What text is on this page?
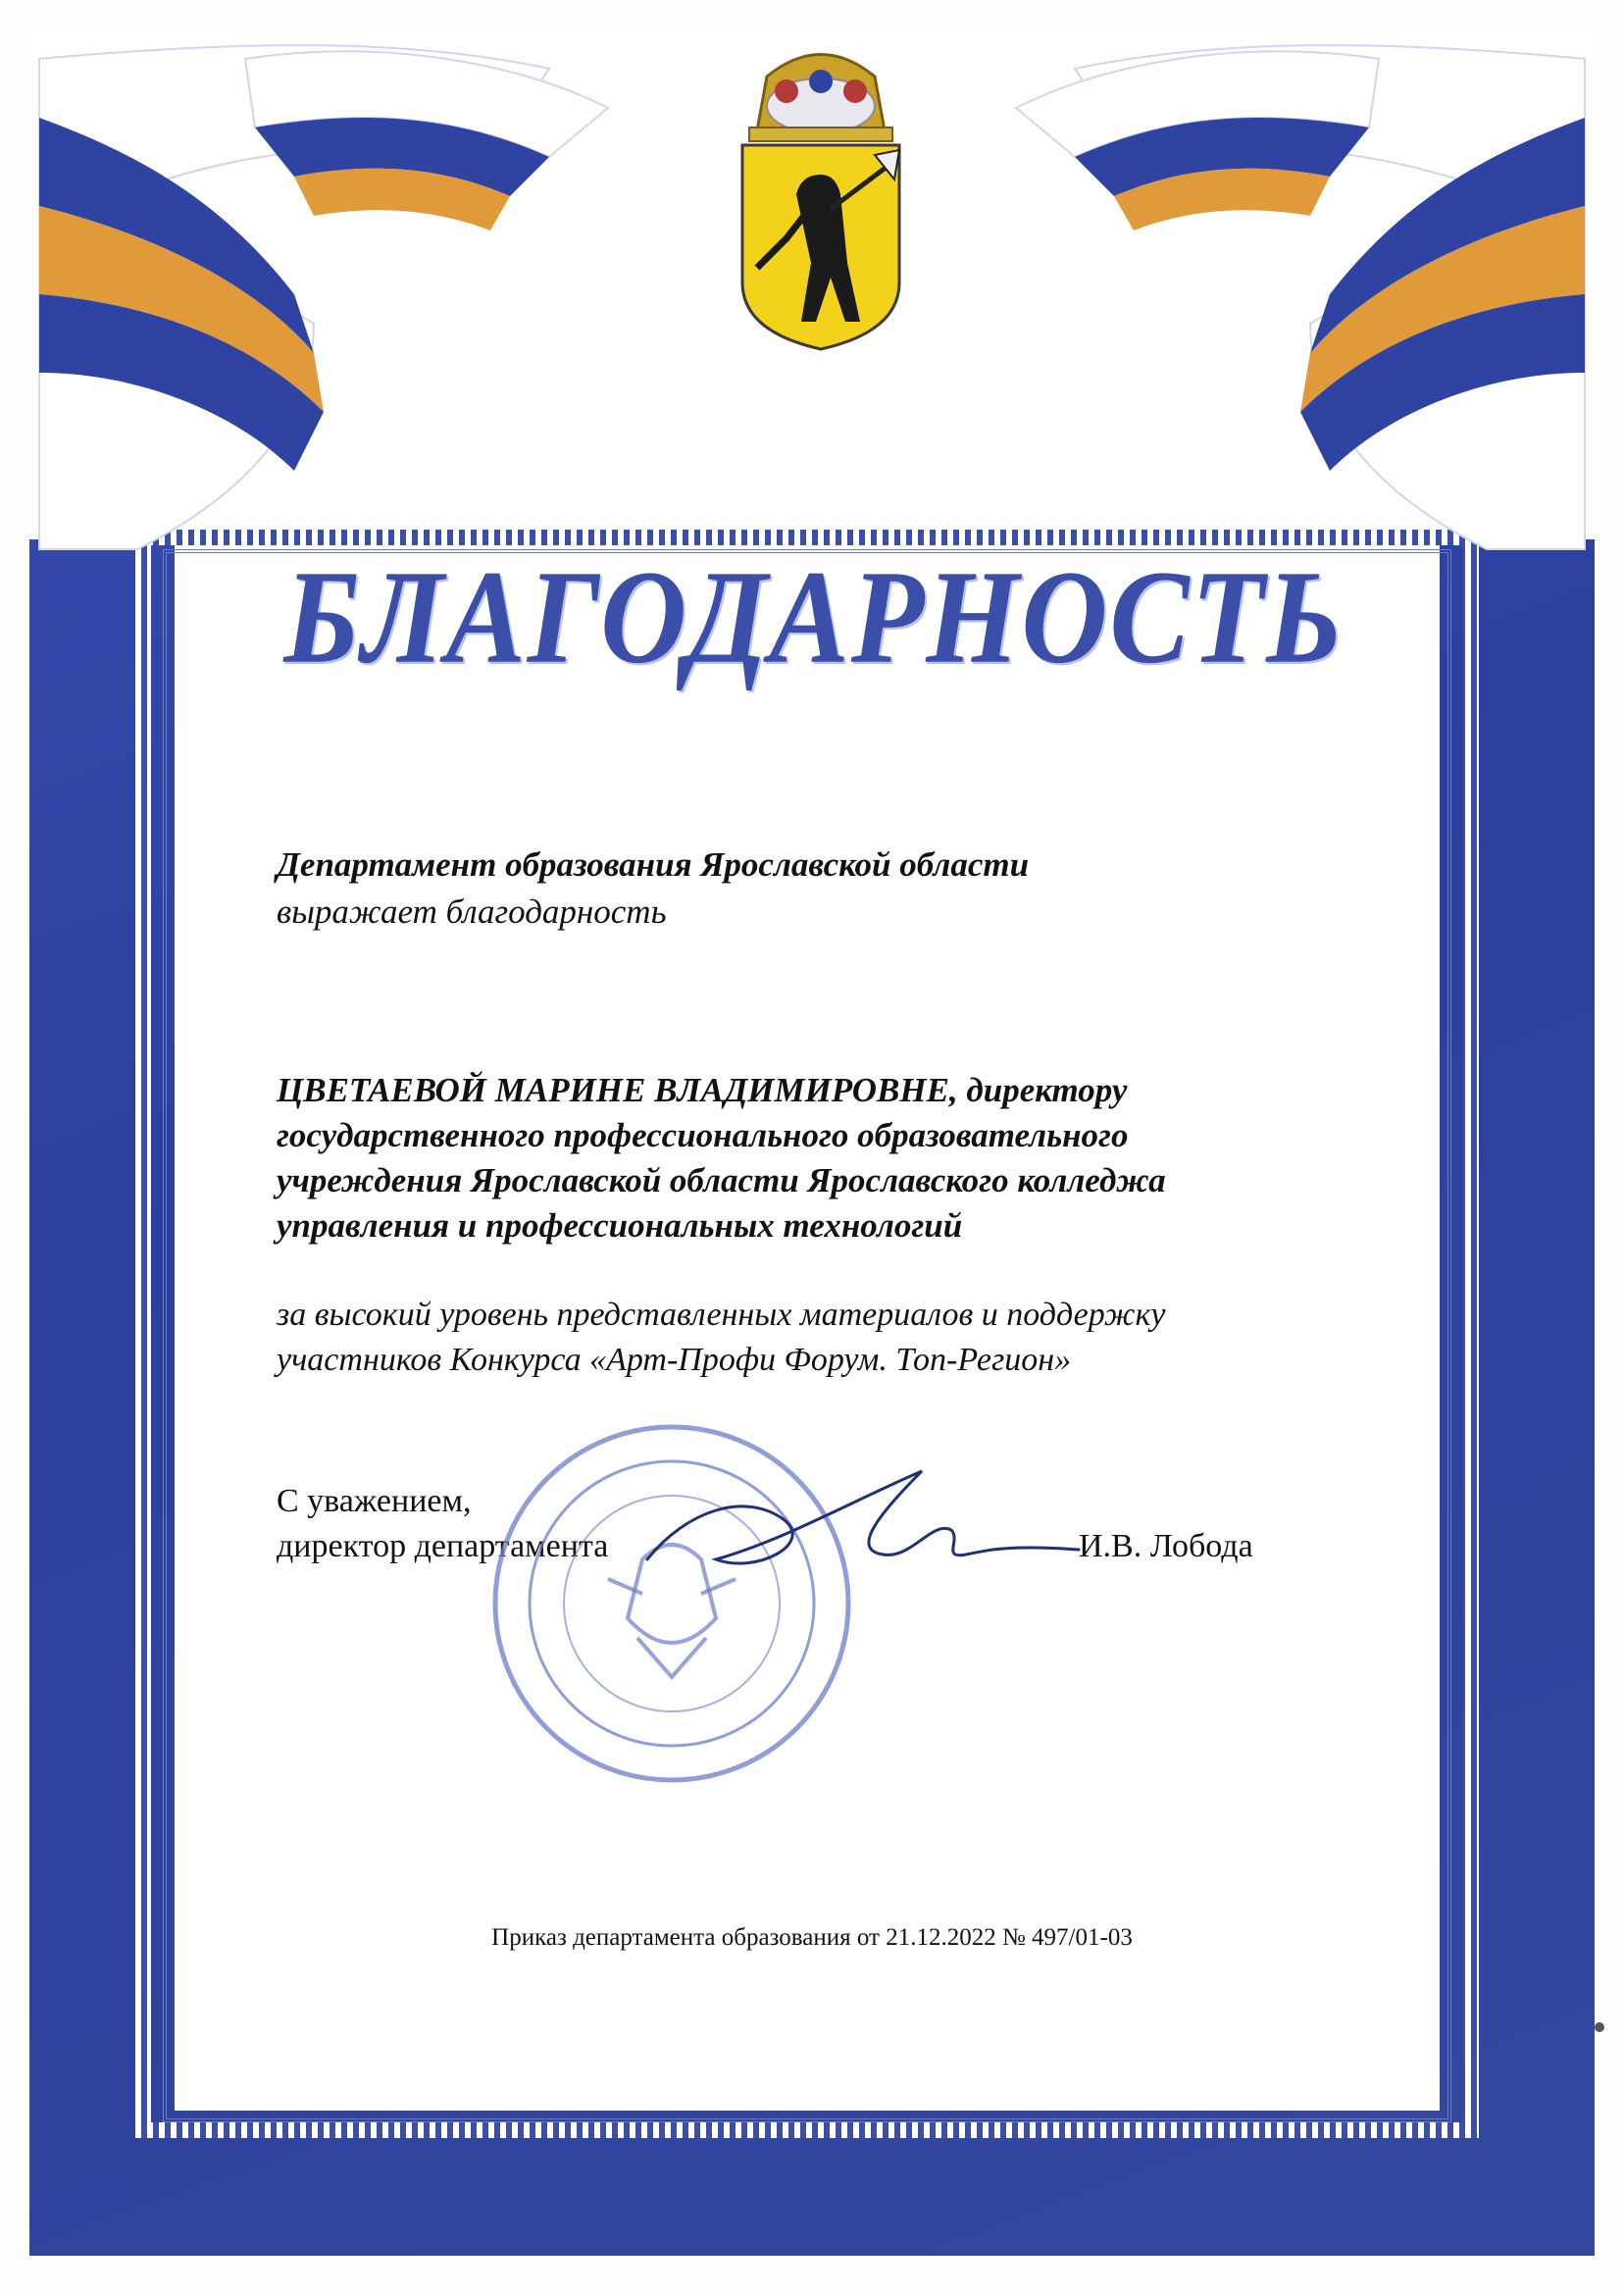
БЛАГОДАРНОСТЬ
Департамент образования Ярославской области
выражает благодарность
ЦВЕТАЕВОЙ МАРИНЕ ВЛАДИМИРОВНЕ, директору
государственного профессионального образовательного
учреждения Ярославской области Ярославского колледжа
управления и профессиональных технологий
за высокий уровень представленных материалов и поддержку
участников Конкурса «Арт-Профи Форум. Топ-Регион»
С уважением,
директор департамента	И.В. Лобода
Приказ департамента образования от 21.12.2022 № 497/01-03
